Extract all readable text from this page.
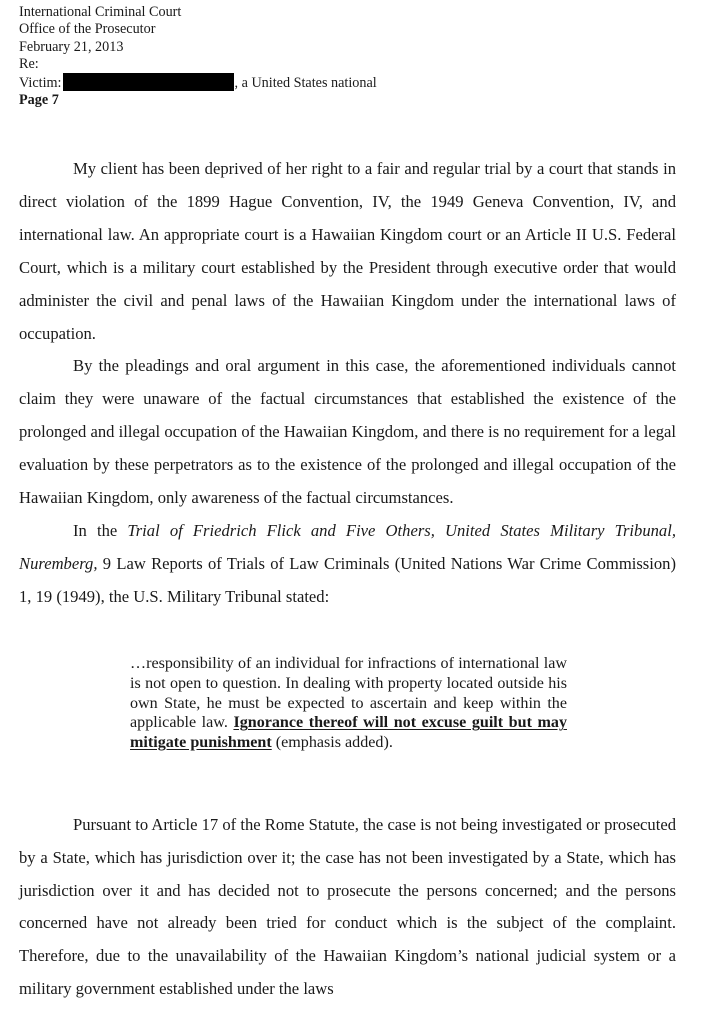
International Criminal Court
Office of the Prosecutor
February 21, 2013
Re:
Victim:	, a United States national
Page 7

My client has been deprived of her right to a fair and regular trial by a court that stands in direct violation of the 1899 Hague Convention, IV, the 1949 Geneva Convention, IV, and international law. An appropriate court is a Hawaiian Kingdom court or an Article II U.S. Federal Court, which is a military court established by the President through executive order that would administer the civil and penal laws of the Hawaiian Kingdom under the international laws of occupation.

By the pleadings and oral argument in this case, the aforementioned individuals cannot claim they were unaware of the factual circumstances that established the existence of the prolonged and illegal occupation of the Hawaiian Kingdom, and there is no requirement for a legal evaluation by these perpetrators as to the existence of the prolonged and illegal occupation of the Hawaiian Kingdom, only awareness of the factual circumstances.

In the Trial of Friedrich Flick and Five Others, United States Military Tribunal, Nuremberg, 9 Law Reports of Trials of Law Criminals (United Nations War Crime Commission) 1, 19 (1949), the U.S. Military Tribunal stated:

…responsibility of an individual for infractions of international law is not open to question. In dealing with property located outside his own State, he must be expected to ascertain and keep within the applicable law. Ignorance thereof will not excuse guilt but may mitigate punishment (emphasis added).

Pursuant to Article 17 of the Rome Statute, the case is not being investigated or prosecuted by a State, which has jurisdiction over it; the case has not been investigated by a State, which has jurisdiction over it and has decided not to prosecute the persons concerned; and the persons concerned have not already been tried for conduct which is the subject of the complaint. Therefore, due to the unavailability of the Hawaiian Kingdom’s national judicial system or a military government established under the laws
